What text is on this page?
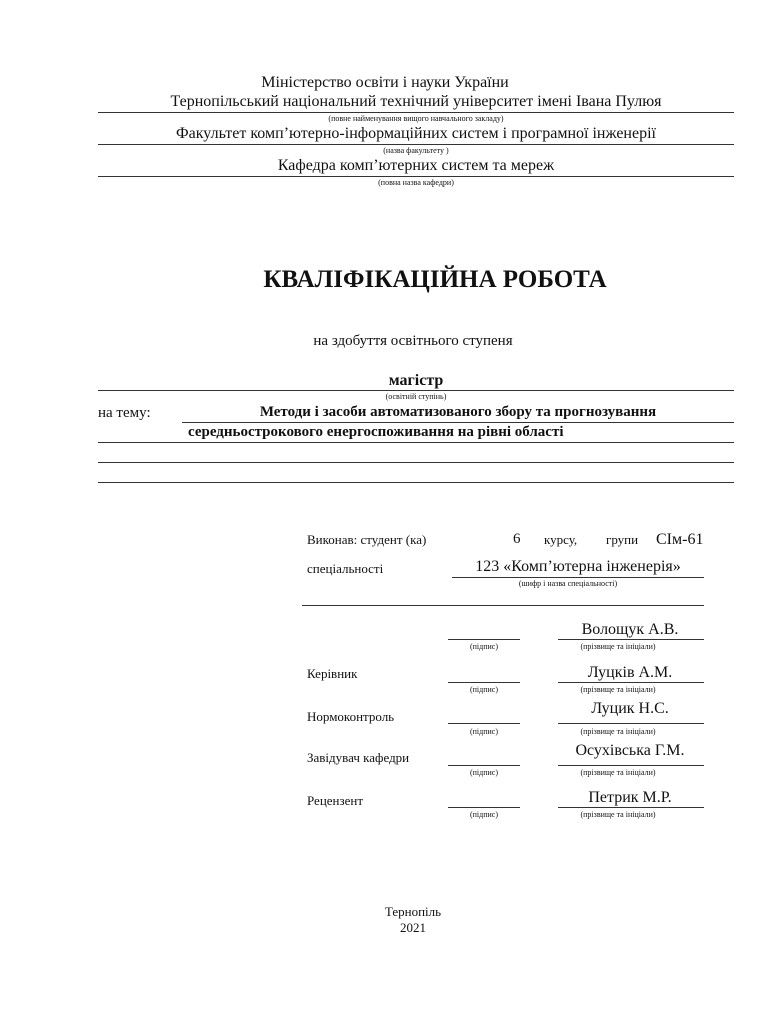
Міністерство освіти і науки України
Тернопільський національний технічний університет імені Івана Пулюя
(повне найменування вищого навчального закладу)
Факультет комп’ютерно-інформаційних систем і програмної інженерії
(назва факультету )
Кафедра комп’ютерних систем та мереж
(повна назва кафедри)
КВАЛІФІКАЦІЙНА РОБОТА
на здобуття освітнього ступеня
магістр
(освітній ступінь)
на тему:	Методи і засоби автоматизованого збору та прогнозування
середньострокового енергоспоживання на рівні області
Виконав: студент (ка)	6 курсу, групи СІм-61
спеціальності	123 «Комп’ютерна інженерія»
(шифр і назва спеціальності)
Волощук А.В.
(підпис)	(прізвище та ініціали)
Керівник	Луцків А.М.
(підпис)	(прізвище та ініціали)
Нормоконтроль	Луцик Н.С.
(підпис)	(прізвище та ініціали)
Завідувач кафедри	Осухівська Г.М.
(підпис)	(прізвище та ініціали)
Рецензент	Петрик М.Р.
(підпис)	(прізвище та ініціали)
Тернопіль
2021
